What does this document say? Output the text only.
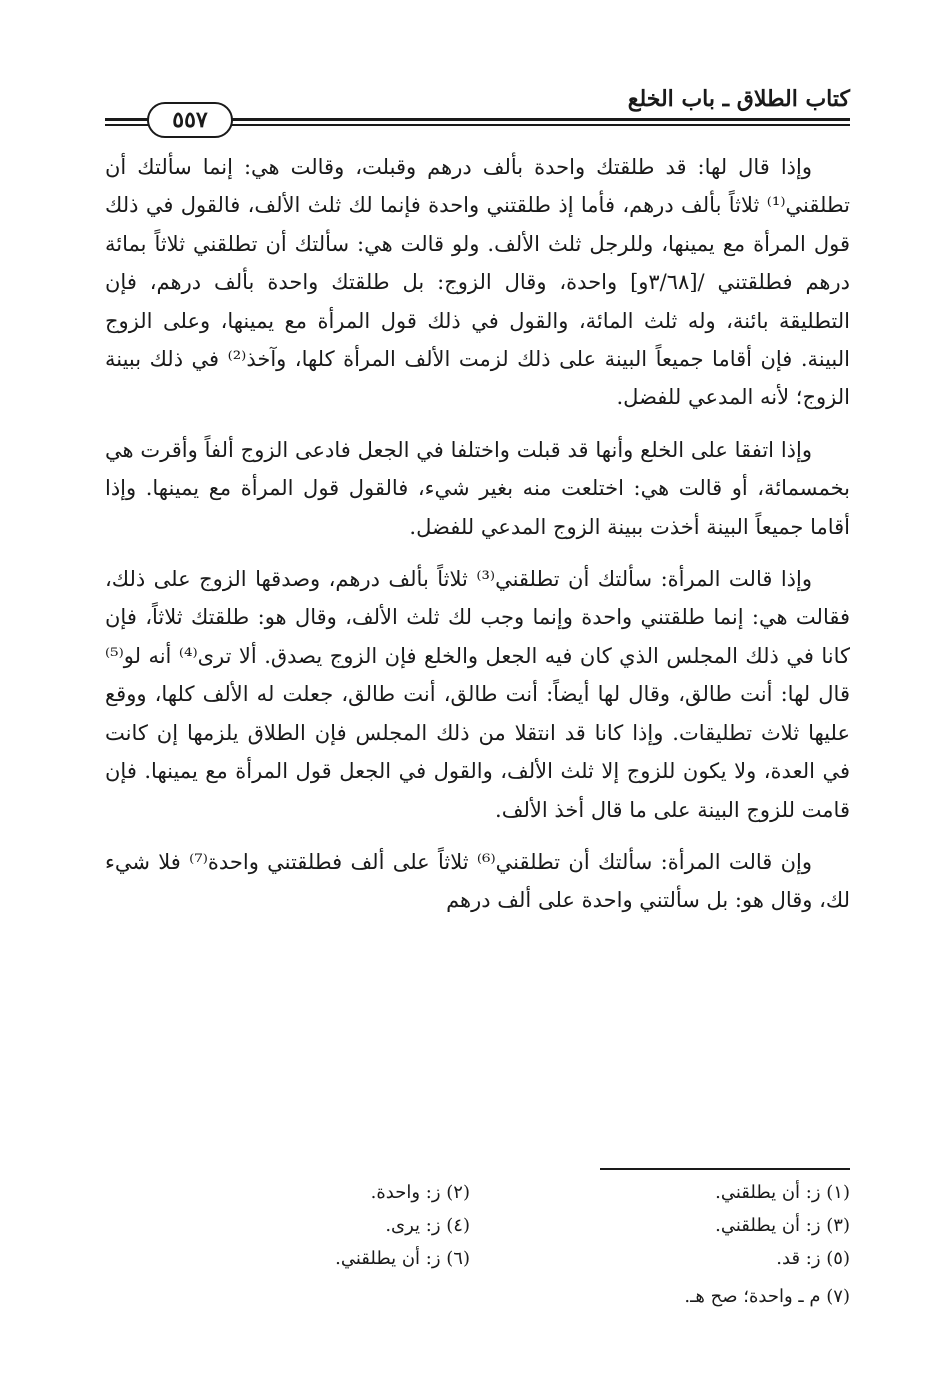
كتاب الطلاق ـ باب الخلع
٥٥٧

وإذا قال لها: قد طلقتك واحدة بألف درهم وقبلت، وقالت هي: إنما سألتك أن تطلقني⁽¹⁾ ثلاثاً بألف درهم، فأما إذ طلقتني واحدة فإنما لك ثلث الألف، فالقول في ذلك قول المرأة مع يمينها، وللرجل ثلث الألف. ولو قالت هي: سألتك أن تطلقني ثلاثاً بمائة درهم فطلقتني /[٣/٦٨و] واحدة، وقال الزوج: بل طلقتك واحدة بألف درهم، فإن التطليقة بائنة، وله ثلث المائة، والقول في ذلك قول المرأة مع يمينها، وعلى الزوج البينة. فإن أقاما جميعاً البينة على ذلك لزمت الألف المرأة كلها، وآخذ⁽²⁾ في ذلك ببينة الزوج؛ لأنه المدعي للفضل.

وإذا اتفقا على الخلع وأنها قد قبلت واختلفا في الجعل فادعى الزوج ألفاً وأقرت هي بخمسمائة، أو قالت هي: اختلعت منه بغير شيء، فالقول قول المرأة مع يمينها. وإذا أقاما جميعاً البينة أخذت ببينة الزوج المدعي للفضل.

وإذا قالت المرأة: سألتك أن تطلقني⁽³⁾ ثلاثاً بألف درهم، وصدقها الزوج على ذلك، فقالت هي: إنما طلقتني واحدة وإنما وجب لك ثلث الألف، وقال هو: طلقتك ثلاثاً، فإن كانا في ذلك المجلس الذي كان فيه الجعل والخلع فإن الزوج يصدق. ألا ترى⁽⁴⁾ أنه لو⁽⁵⁾ قال لها: أنت طالق، وقال لها أيضاً: أنت طالق، أنت طالق، جعلت له الألف كلها، ووقع عليها ثلاث تطليقات. وإذا كانا قد انتقلا من ذلك المجلس فإن الطلاق يلزمها إن كانت في العدة، ولا يكون للزوج إلا ثلث الألف، والقول في الجعل قول المرأة مع يمينها. فإن قامت للزوج البينة على ما قال أخذ الألف.

وإن قالت المرأة: سألتك أن تطلقني⁽⁶⁾ ثلاثاً على ألف فطلقتني واحدة⁽⁷⁾ فلا شيء لك، وقال هو: بل سألتني واحدة على ألف درهم

(١) ز: أن يطلقني.
(٢) ز: واحدة.
(٣) ز: أن يطلقني.
(٤) ز: يرى.
(٥) ز: قد.
(٦) ز: أن يطلقني.
(٧) م ـ واحدة؛ صح هـ.
